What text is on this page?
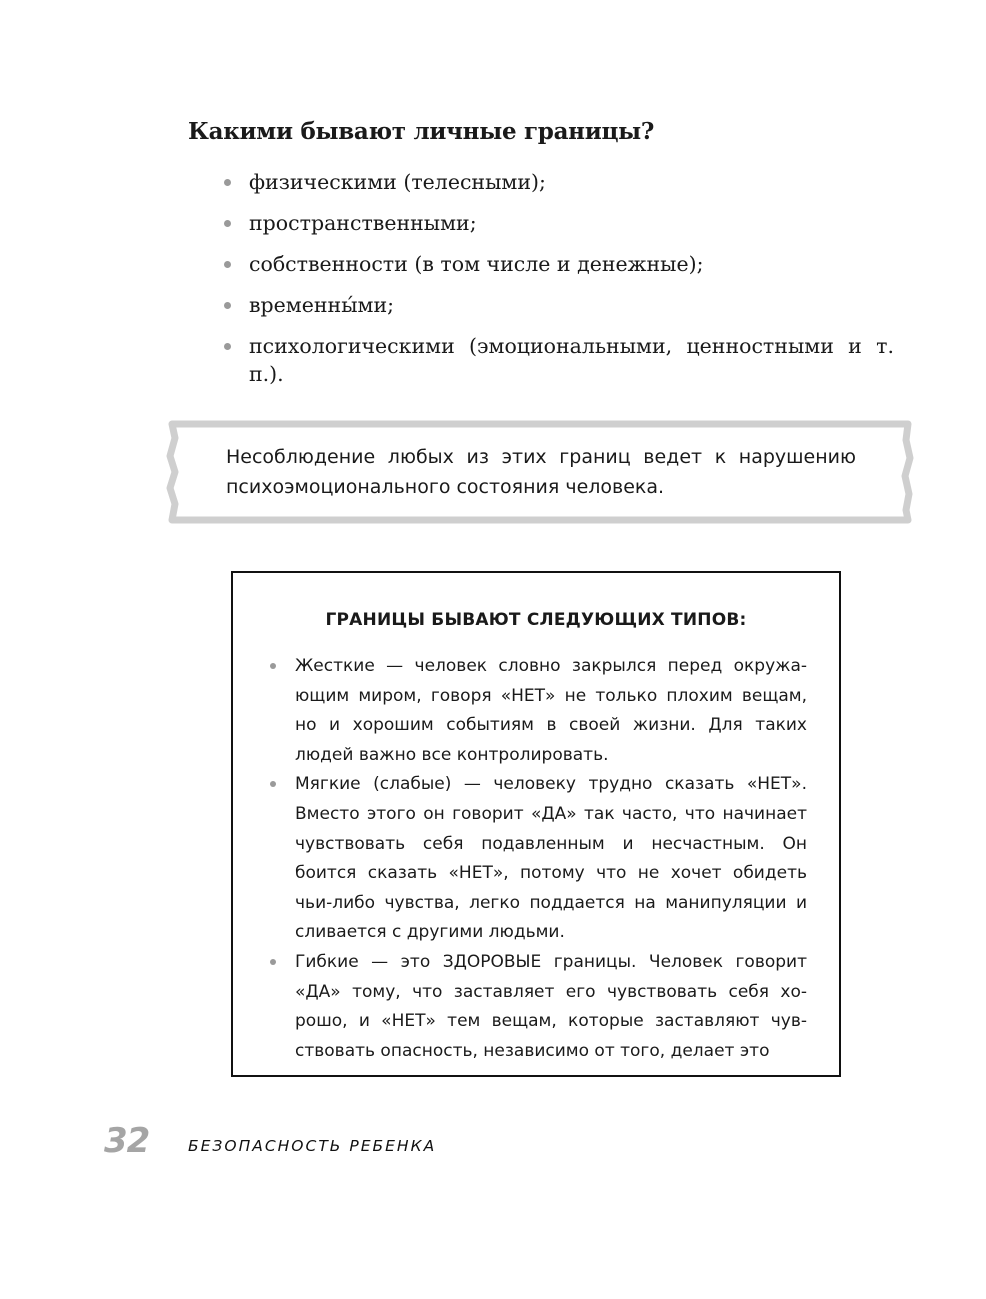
Какими бывают личные границы?
физическими (телесными);
пространственными;
собственности (в том числе и денежные);
временны́ми;
психологическими (эмоциональными, ценностными и т. п.).
Несоблюдение любых из этих границ ведет к нарушению психоэмоционального состояния человека.
ГРАНИЦЫ БЫВАЮТ СЛЕДУЮЩИХ ТИПОВ:
Жесткие — человек словно закрылся перед окружающим миром, говоря «НЕТ» не только плохим вещам, но и хорошим событиям в своей жизни. Для таких людей важно все контролировать.
Мягкие (слабые) — человеку трудно сказать «НЕТ». Вместо этого он говорит «ДА» так часто, что начинает чувствовать себя подавленным и несчастным. Он боится сказать «НЕТ», потому что не хочет обидеть чьи-либо чувства, легко поддается на манипуляции и сливается с другими людьми.
Гибкие — это ЗДОРОВЫЕ границы. Человек говорит «ДА» тому, что заставляет его чувствовать себя хорошо, и «НЕТ» тем вещам, которые заставляют чувствовать опасность, независимо от того, делает это
32 БЕЗОПАСНОСТЬ РЕБЕНКА
